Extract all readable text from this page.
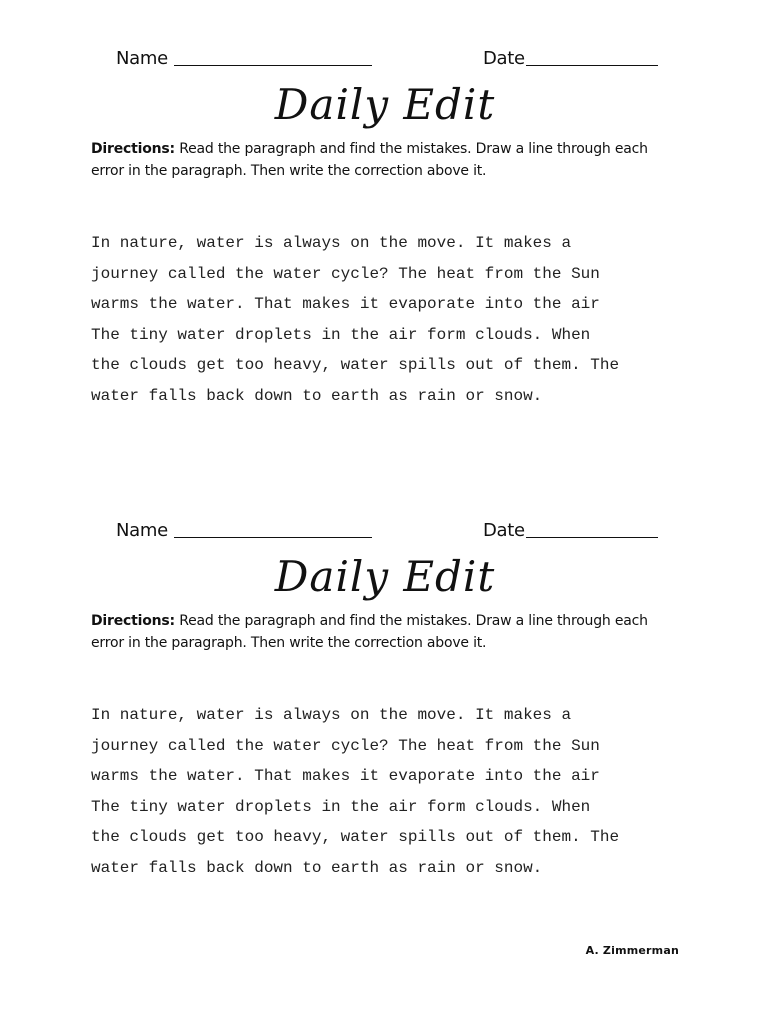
Name	Date
Daily Edit
Directions: Read the paragraph and find the mistakes. Draw a line through each error in the paragraph. Then write the correction above it.
In nature, water is always on the move. It makes a
journey called the water cycle? The heat from the Sun
warms the water. That makes it evaporate into the air
The tiny water droplets in the air form clouds. When
the clouds get too heavy, water spills out of them. The
water falls back down to earth as rain or snow.
Name	Date
Daily Edit
Directions: Read the paragraph and find the mistakes. Draw a line through each error in the paragraph. Then write the correction above it.
In nature, water is always on the move. It makes a
journey called the water cycle? The heat from the Sun
warms the water. That makes it evaporate into the air
The tiny water droplets in the air form clouds. When
the clouds get too heavy, water spills out of them. The
water falls back down to earth as rain or snow.
A. Zimmerman
